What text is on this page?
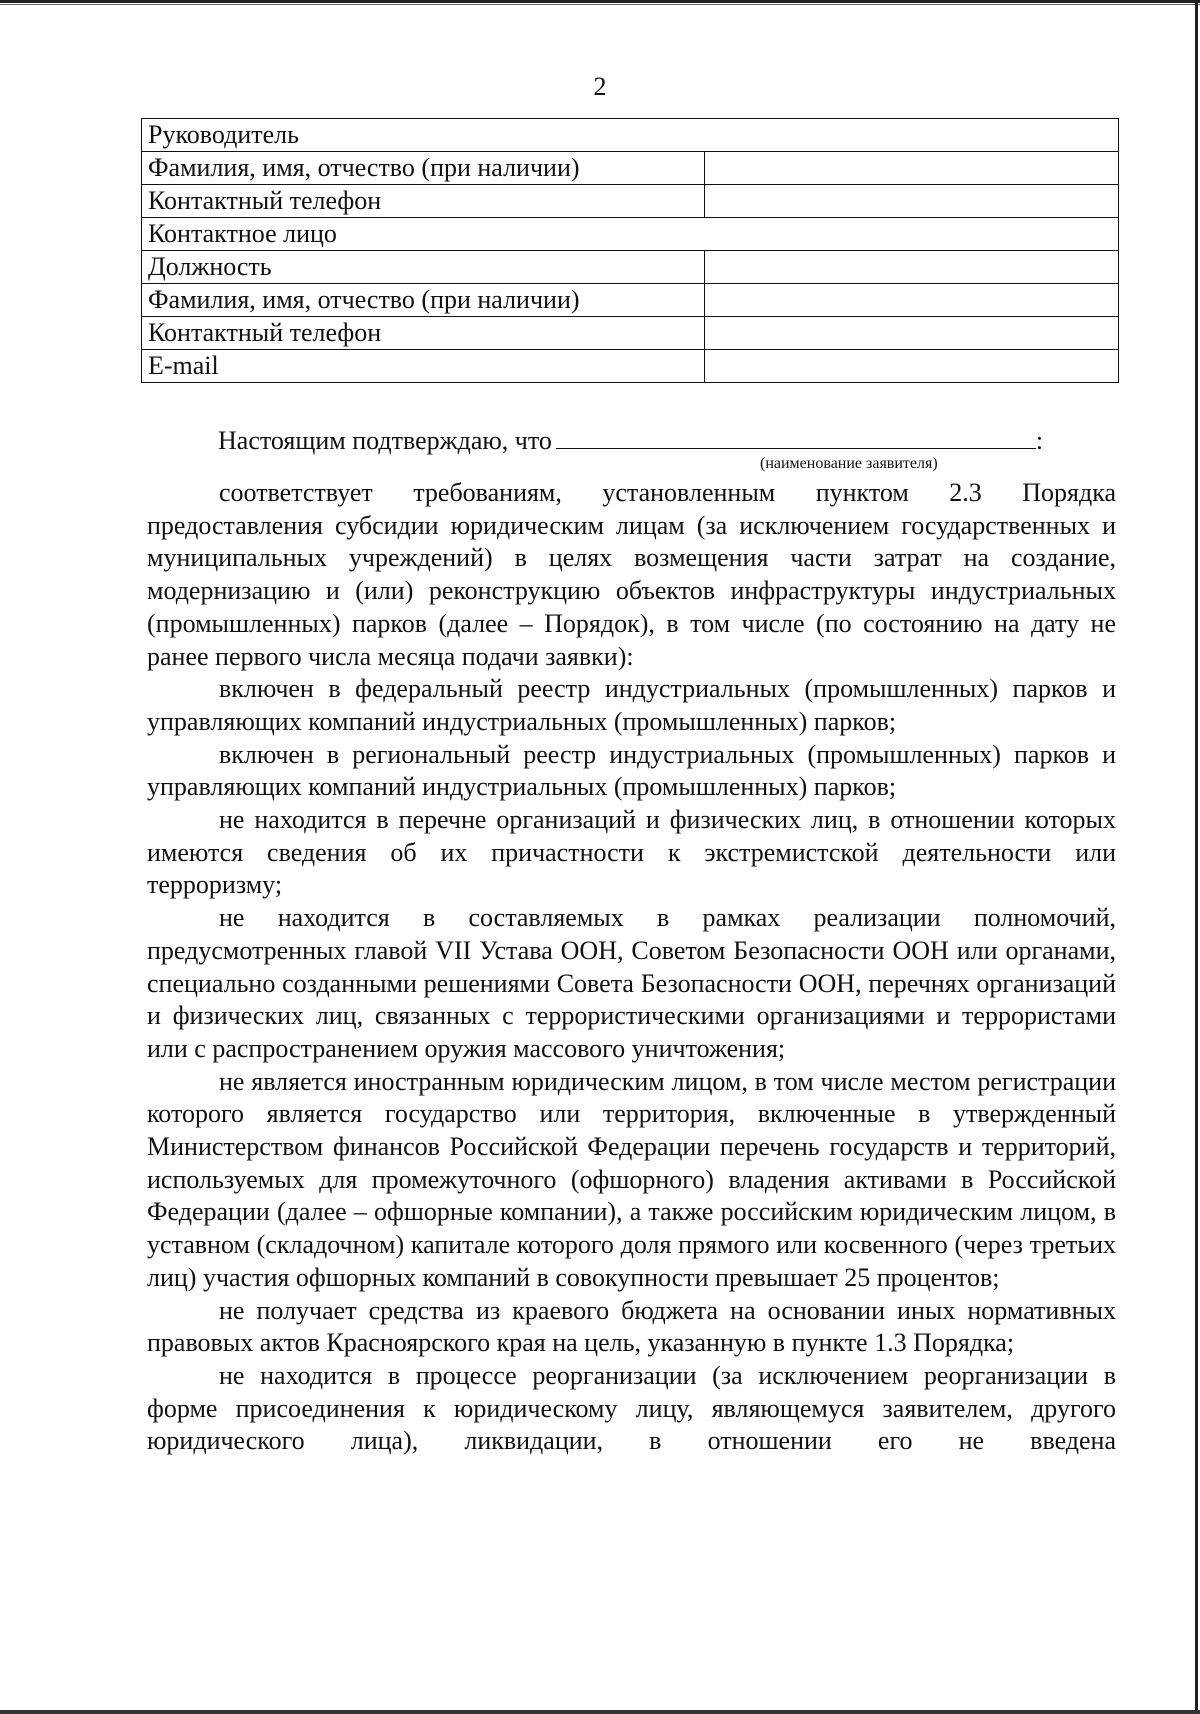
2
Руководитель	
Фамилия, имя, отчество (при наличии)	
Контактный телефон	
Контактное лицо	
Должность	
Фамилия, имя, отчество (при наличии)	
Контактный телефон	
E-mail	
Настоящим подтверждаю, что	:
(наименование заявителя)

соответствует требованиям, установленным пунктом 2.3 Порядка предоставления субсидии юридическим лицам (за исключением государственных и муниципальных учреждений) в целях возмещения части затрат на создание, модернизацию и (или) реконструкцию объектов инфраструктуры индустриальных (промышленных) парков (далее – Порядок), в том числе (по состоянию на дату не ранее первого числа месяца подачи заявки):

включен в федеральный реестр индустриальных (промышленных) парков и управляющих компаний индустриальных (промышленных) парков;

включен в региональный реестр индустриальных (промышленных) парков и управляющих компаний индустриальных (промышленных) парков;

не находится в перечне организаций и физических лиц, в отношении которых имеются сведения об их причастности к экстремистской деятельности или терроризму;

не находится в составляемых в рамках реализации полномочий, предусмотренных главой VII Устава ООН, Советом Безопасности ООН или органами, специально созданными решениями Совета Безопасности ООН, перечнях организаций и физических лиц, связанных с террористическими организациями и террористами или с распространением оружия массового уничтожения;

не является иностранным юридическим лицом, в том числе местом регистрации которого является государство или территория, включенные в утвержденный Министерством финансов Российской Федерации перечень государств и территорий, используемых для промежуточного (офшорного) владения активами в Российской Федерации (далее – офшорные компании), а также российским юридическим лицом, в уставном (складочном) капитале которого доля прямого или косвенного (через третьих лиц) участия офшорных компаний в совокупности превышает 25 процентов;

не получает средства из краевого бюджета на основании иных нормативных правовых актов Красноярского края на цель, указанную в пункте 1.3 Порядка;

не находится в процессе реорганизации (за исключением реорганизации в форме присоединения к юридическому лицу, являющемуся заявителем, другого юридического лица), ликвидации, в отношении его не введена
